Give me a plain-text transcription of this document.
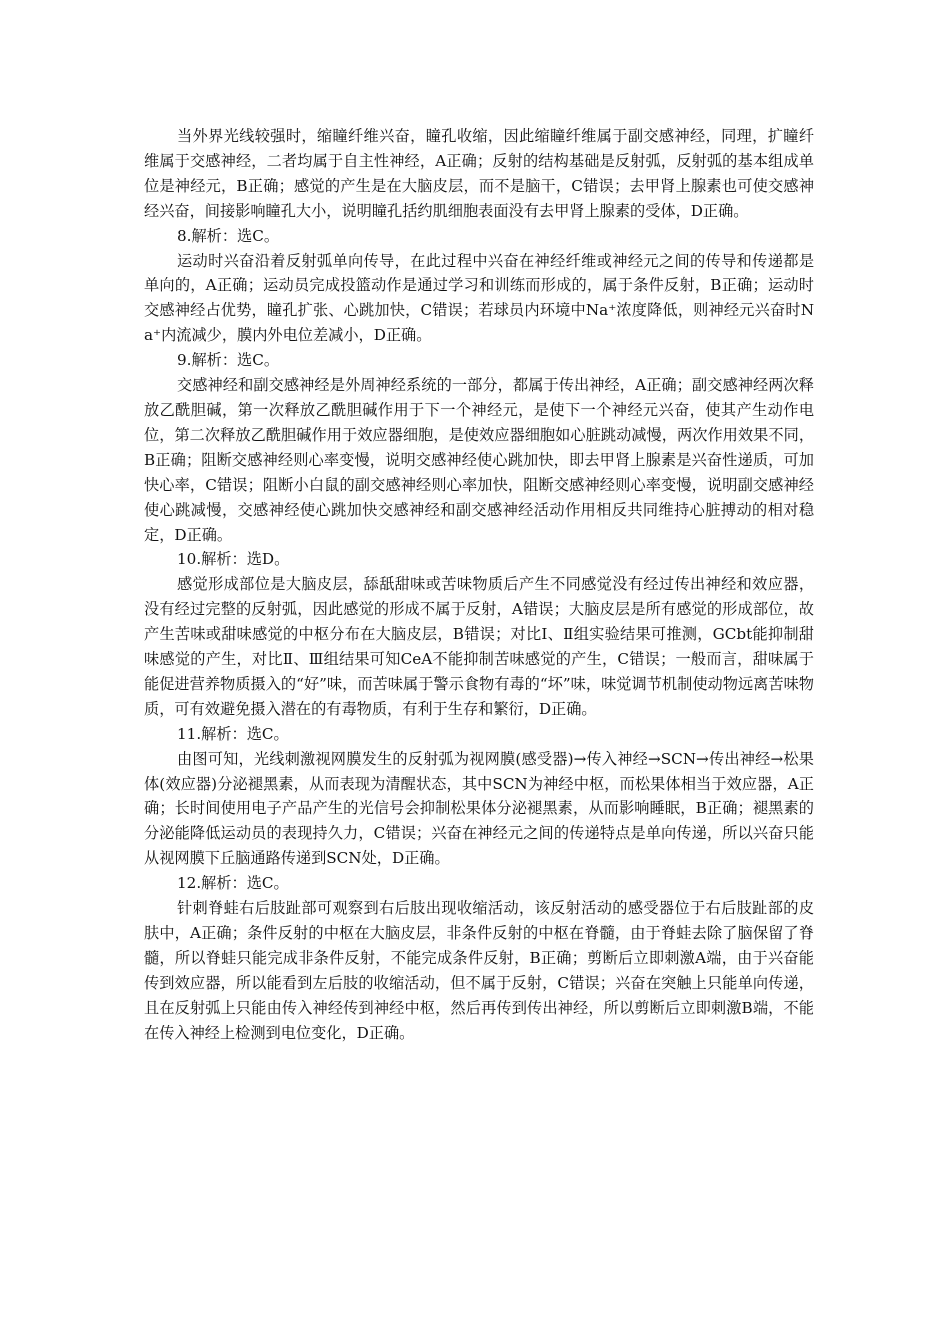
当外界光线较强时，缩瞳纤维兴奋，瞳孔收缩，因此缩瞳纤维属于副交感神经，同理，扩瞳纤维属于交感神经，二者均属于自主性神经，A正确；反射的结构基础是反射弧，反射弧的基本组成单位是神经元，B正确；感觉的产生是在大脑皮层，而不是脑干，C错误；去甲肾上腺素也可使交感神经兴奋，间接影响瞳孔大小，说明瞳孔括约肌细胞表面没有去甲肾上腺素的受体，D正确。

8.解析：选C。

运动时兴奋沿着反射弧单向传导，在此过程中兴奋在神经纤维或神经元之间的传导和传递都是单向的，A正确；运动员完成投篮动作是通过学习和训练而形成的，属于条件反射，B正确；运动时交感神经占优势，瞳孔扩张、心跳加快，C错误；若球员内环境中Na⁺浓度降低，则神经元兴奋时Na⁺内流减少，膜内外电位差减小，D正确。

9.解析：选C。

交感神经和副交感神经是外周神经系统的一部分，都属于传出神经，A正确；副交感神经两次释放乙酰胆碱，第一次释放乙酰胆碱作用于下一个神经元，是使下一个神经元兴奋，使其产生动作电位，第二次释放乙酰胆碱作用于效应器细胞，是使效应器细胞如心脏跳动减慢，两次作用效果不同，B正确；阻断交感神经则心率变慢，说明交感神经使心跳加快，即去甲肾上腺素是兴奋性递质，可加快心率，C错误；阻断小白鼠的副交感神经则心率加快，阻断交感神经则心率变慢，说明副交感神经使心跳减慢，交感神经使心跳加快交感神经和副交感神经活动作用相反共同维持心脏搏动的相对稳定，D正确。

10.解析：选D。

感觉形成部位是大脑皮层，舔舐甜味或苦味物质后产生不同感觉没有经过传出神经和效应器，没有经过完整的反射弧，因此感觉的形成不属于反射，A错误；大脑皮层是所有感觉的形成部位，故产生苦味或甜味感觉的中枢分布在大脑皮层，B错误；对比Ⅰ、Ⅱ组实验结果可推测，GCbt能抑制甜味感觉的产生，对比Ⅱ、Ⅲ组结果可知CeA不能抑制苦味感觉的产生，C错误；一般而言，甜味属于能促进营养物质摄入的“好”味，而苦味属于警示食物有毒的“坏”味，味觉调节机制使动物远离苦味物质，可有效避免摄入潜在的有毒物质，有利于生存和繁衍，D正确。

11.解析：选C。

由图可知，光线刺激视网膜发生的反射弧为视网膜(感受器)→传入神经→SCN→传出神经→松果体(效应器)分泌褪黑素，从而表现为清醒状态，其中SCN为神经中枢，而松果体相当于效应器，A正确；长时间使用电子产品产生的光信号会抑制松果体分泌褪黑素，从而影响睡眠，B正确；褪黑素的分泌能降低运动员的表现持久力，C错误；兴奋在神经元之间的传递特点是单向传递，所以兴奋只能从视网膜下丘脑通路传递到SCN处，D正确。

12.解析：选C。

针刺脊蛙右后肢趾部可观察到右后肢出现收缩活动，该反射活动的感受器位于右后肢趾部的皮肤中，A正确；条件反射的中枢在大脑皮层，非条件反射的中枢在脊髓，由于脊蛙去除了脑保留了脊髓，所以脊蛙只能完成非条件反射，不能完成条件反射，B正确；剪断后立即刺激A端，由于兴奋能传到效应器，所以能看到左后肢的收缩活动，但不属于反射，C错误；兴奋在突触上只能单向传递，且在反射弧上只能由传入神经传到神经中枢，然后再传到传出神经，所以剪断后立即刺激B端，不能在传入神经上检测到电位变化，D正确。
